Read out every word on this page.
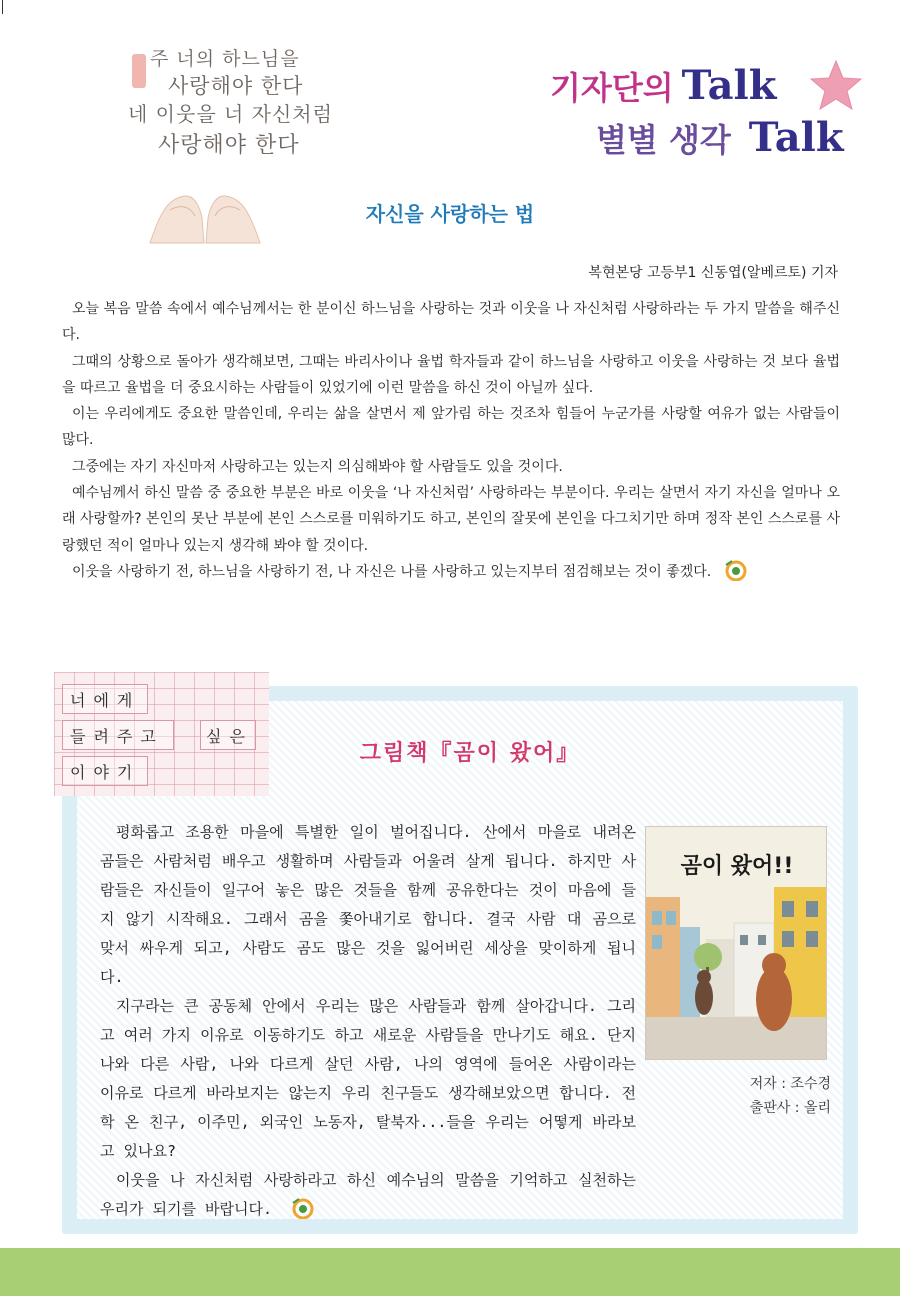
주 너의 하느님을
사랑해야 한다
네 이웃을 너 자신처럼
사랑해야 한다
기자단의 Talk
별별 생각 Talk
자신을 사랑하는 법
복현본당 고등부1 신동엽(알베르토) 기자

오늘 복음 말씀 속에서 예수님께서는 한 분이신 하느님을 사랑하는 것과 이웃을 나 자신처럼 사랑하라는 두 가지 말씀을 해주신다.

그때의 상황으로 돌아가 생각해보면, 그때는 바리사이나 율법 학자들과 같이 하느님을 사랑하고 이웃을 사랑하는 것 보다 율법을 따르고 율법을 더 중요시하는 사람들이 있었기에 이런 말씀을 하신 것이 아닐까 싶다.

이는 우리에게도 중요한 말씀인데, 우리는 삶을 살면서 제 앞가림 하는 것조차 힘들어 누군가를 사랑할 여유가 없는 사람들이 많다.

그중에는 자기 자신마저 사랑하고는 있는지 의심해봐야 할 사람들도 있을 것이다.

예수님께서 하신 말씀 중 중요한 부분은 바로 이웃을 ‘나 자신처럼’ 사랑하라는 부분이다. 우리는 살면서 자기 자신을 얼마나 오래 사랑할까? 본인의 못난 부분에 본인 스스로를 미워하기도 하고, 본인의 잘못에 본인을 다그치기만 하며 정작 본인 스스로를 사랑했던 적이 얼마나 있는지 생각해 봐야 할 것이다.

이웃을 사랑하기 전, 하느님을 사랑하기 전, 나 자신은 나를 사랑하고 있는지부터 점검해보는 것이 좋겠다.

너에게
들려주고	싶은
이야기
그림책『곰이 왔어』

평화롭고 조용한 마을에 특별한 일이 벌어집니다. 산에서 마을로 내려온 곰들은 사람처럼 배우고 생활하며 사람들과 어울려 살게 됩니다. 하지만 사람들은 자신들이 일구어 놓은 많은 것들을 함께 공유한다는 것이 마음에 들지 않기 시작해요. 그래서 곰을 쫓아내기로 합니다. 결국 사람 대 곰으로 맞서 싸우게 되고, 사람도 곰도 많은 것을 잃어버린 세상을 맞이하게 됩니다.

지구라는 큰 공동체 안에서 우리는 많은 사람들과 함께 살아갑니다. 그리고 여러 가지 이유로 이동하기도 하고 새로운 사람들을 만나기도 해요. 단지 나와 다른 사람, 나와 다르게 살던 사람, 나의 영역에 들어온 사람이라는 이유로 다르게 바라보지는 않는지 우리 친구들도 생각해보았으면 합니다. 전학 온 친구, 이주민, 외국인 노동자, 탈북자...들을 우리는 어떻게 바라보고 있나요?

이웃을 나 자신처럼 사랑하라고 하신 예수님의 말씀을 기억하고 실천하는 우리가 되기를 바랍니다.

곰이 왔어!!
저자 : 조수경
출판사 : 올리
